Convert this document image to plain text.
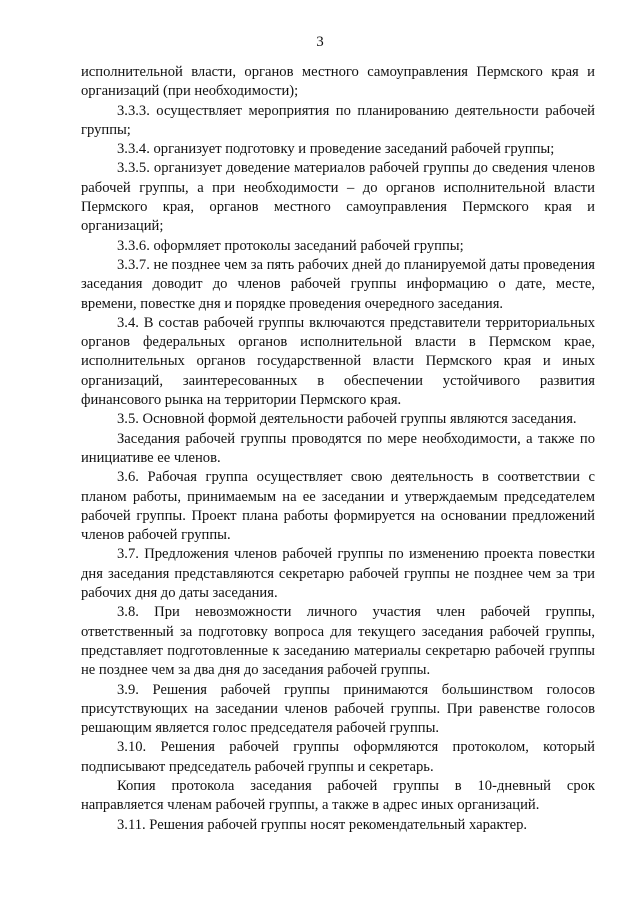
3

исполнительной власти, органов местного самоуправления Пермского края и организаций (при необходимости);

3.3.3. осуществляет мероприятия по планированию деятельности рабочей группы;

3.3.4. организует подготовку и проведение заседаний рабочей группы;

3.3.5. организует доведение материалов рабочей группы до сведения членов рабочей группы, а при необходимости – до органов исполнительной власти Пермского края, органов местного самоуправления Пермского края и организаций;

3.3.6. оформляет протоколы заседаний рабочей группы;

3.3.7. не позднее чем за пять рабочих дней до планируемой даты проведения заседания доводит до членов рабочей группы информацию о дате, месте, времени, повестке дня и порядке проведения очередного заседания.

3.4. В состав рабочей группы включаются представители территориальных органов федеральных органов исполнительной власти в Пермском крае, исполнительных органов государственной власти Пермского края и иных организаций, заинтересованных в обеспечении устойчивого развития финансового рынка на территории Пермского края.

3.5. Основной формой деятельности рабочей группы являются заседания.

Заседания рабочей группы проводятся по мере необходимости, а также по инициативе ее членов.

3.6. Рабочая группа осуществляет свою деятельность в соответствии с планом работы, принимаемым на ее заседании и утверждаемым председателем рабочей группы. Проект плана работы формируется на основании предложений членов рабочей группы.

3.7. Предложения членов рабочей группы по изменению проекта повестки дня заседания представляются секретарю рабочей группы не позднее чем за три рабочих дня до даты заседания.

3.8. При невозможности личного участия член рабочей группы, ответственный за подготовку вопроса для текущего заседания рабочей группы, представляет подготовленные к заседанию материалы секретарю рабочей группы не позднее чем за два дня до заседания рабочей группы.

3.9. Решения рабочей группы принимаются большинством голосов присутствующих на заседании членов рабочей группы. При равенстве голосов решающим является голос председателя рабочей группы.

3.10. Решения рабочей группы оформляются протоколом, который подписывают председатель рабочей группы и секретарь.

Копия протокола заседания рабочей группы в 10-дневный срок направляется членам рабочей группы, а также в адрес иных организаций.

3.11. Решения рабочей группы носят рекомендательный характер.
